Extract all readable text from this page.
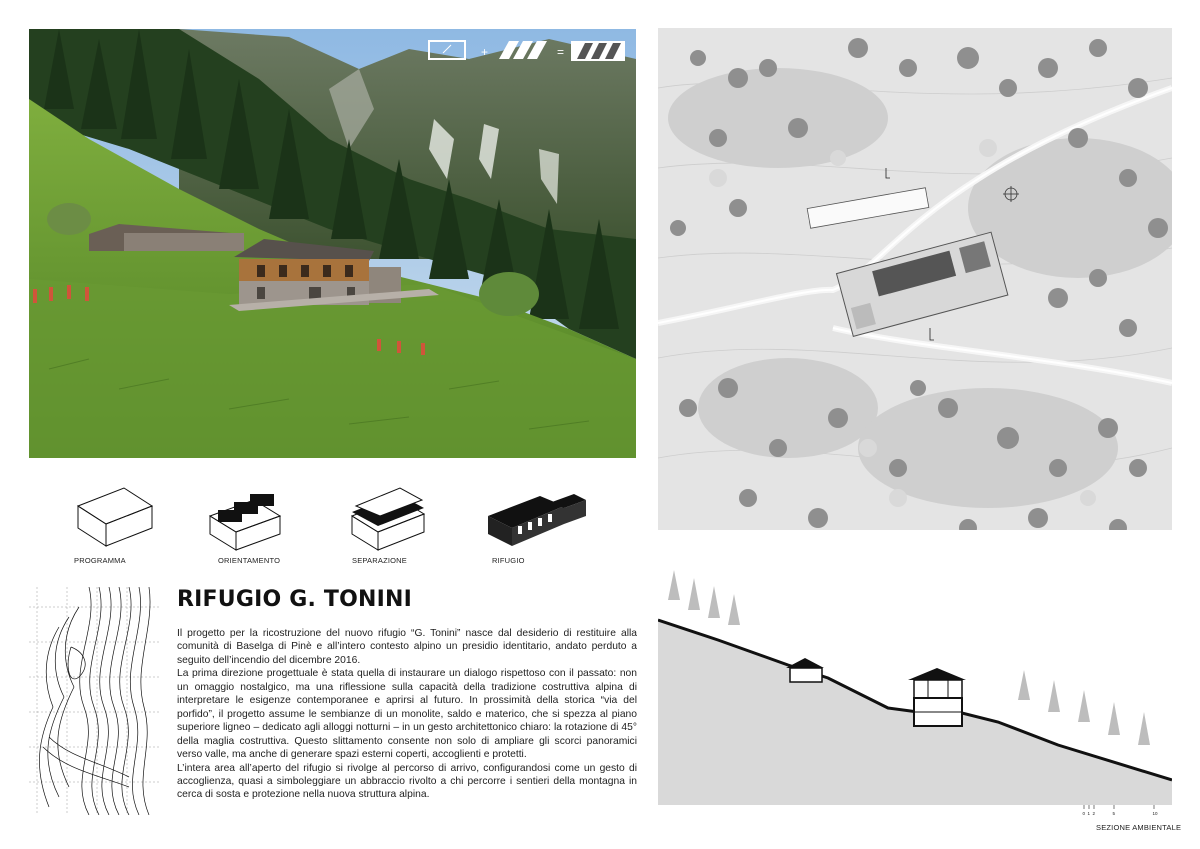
+	=
PROGRAMMA	ORIENTAMENTO	SEPARAZIONE	RIFUGIO
RIFUGIO G. TONINI

Il progetto per la ricostruzione del nuovo rifugio “G. Tonini” nasce dal desiderio di restituire alla comunità di Baselga di Pinè e all’intero contesto alpino un presidio identitario, andato perduto a seguito dell’incendio del dicembre 2016.

La prima direzione progettuale è stata quella di instaurare un dialogo rispettoso con il passato: non un omaggio nostalgico, ma una riflessione sulla capacità della tradizione costruttiva alpina di interpretare le esigenze contemporanee e aprirsi al futuro. In prossimità della storica “via del porfido”, il progetto assume le sembianze di un monolite, saldo e materico, che si spezza al piano superiore ligneo – dedicato agli alloggi notturni – in un gesto architettonico chiaro: la rotazione di 45° della maglia costruttiva. Questo slittamento consente non solo di ampliare gli scorci panoramici verso valle, ma anche di generare spazi esterni coperti, accoglienti e protetti.

L’intera area all’aperto del rifugio si rivolge al percorso di arrivo, configurandosi come un gesto di accoglienza, quasi a simboleggiare un abbraccio rivolto a chi percorre i sentieri della montagna in cerca di sosta e protezione nella nuova struttura alpina.

0 1 2	5	10
SEZIONE AMBIENTALE
